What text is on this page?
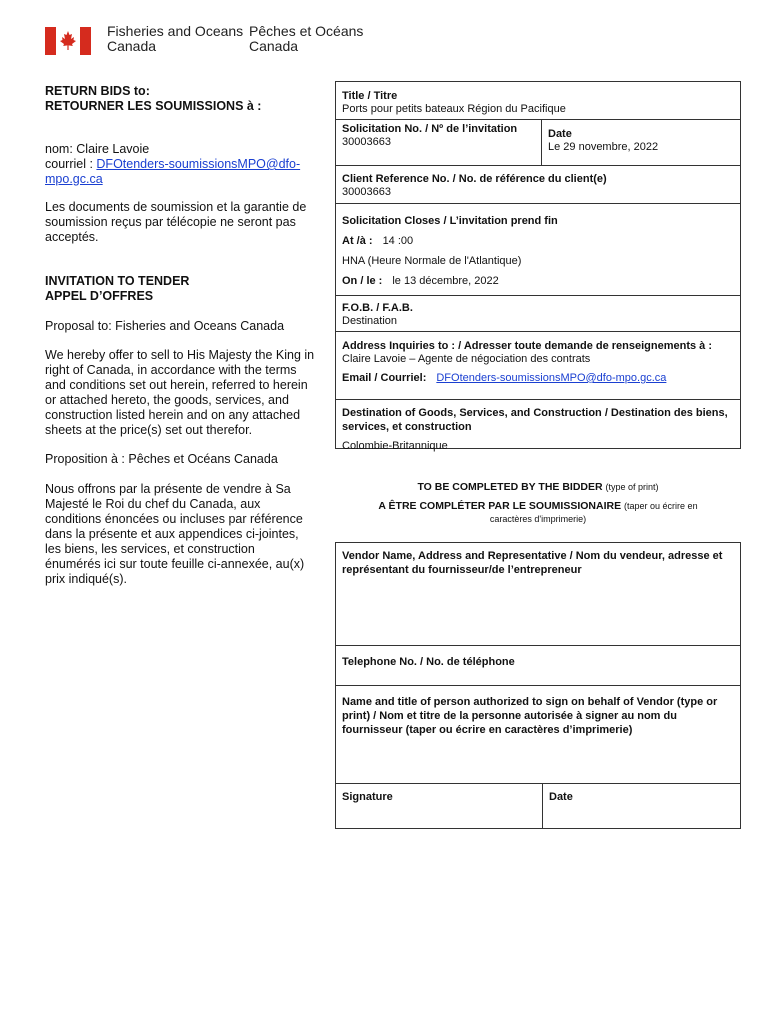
Fisheries and Oceans
Canada
Pêches et Océans
Canada
RETURN BIDS to:
RETOURNER LES SOUMISSIONS à :
nom: Claire Lavoie
courriel : DFOtenders-soumissionsMPO@dfo-
mpo.gc.ca
Les documents de soumission et la garantie de soumission reçus par télécopie ne seront pas acceptés.
INVITATION TO TENDER
APPEL D’OFFRES
Proposal to: Fisheries and Oceans Canada
We hereby offer to sell to His Majesty the King in right of Canada, in accordance with the terms and conditions set out herein, referred to herein or attached hereto, the goods, services, and construction listed herein and on any attached sheets at the price(s) set out therefor.
Proposition à : Pêches et Océans Canada
Nous offrons par la présente de vendre à Sa Majesté le Roi du chef du Canada, aux conditions énoncées ou incluses par référence dans la présente et aux appendices ci-jointes, les biens, les services, et construction énumérés ici sur toute feuille ci-annexée, au(x) prix indiqué(s).
Title / Titre
Ports pour petits bateaux Région du Pacifique
Solicitation No. / Nº de l’invitation
30003663
Date
Le 29 novembre, 2022
Client Reference No. / No. de référence du client(e)
30003663
Solicitation Closes / L’invitation prend fin
At /à : 14 :00
HNA (Heure Normale de l'Atlantique)
On / le : le 13 décembre, 2022
F.O.B. / F.A.B.
Destination
Address Inquiries to : / Adresser toute demande de renseignements à :
Claire Lavoie – Agente de négociation des contrats
Email / Courriel: DFOtenders-soumissionsMPO@dfo-mpo.gc.ca
Destination of Goods, Services, and Construction / Destination des biens, services, et construction
Colombie-Britannique
TO BE COMPLETED BY THE BIDDER (type of print)
A ÊTRE COMPLÉTER PAR LE SOUMISSIONAIRE (taper ou écrire en
caractères d'imprimerie)
Vendor Name, Address and Representative / Nom du vendeur, adresse et représentant du fournisseur/de l’entrepreneur
Telephone No. / No. de téléphone
Name and title of person authorized to sign on behalf of Vendor (type or print) / Nom et titre de la personne autorisée à signer au nom du fournisseur (taper ou écrire en caractères d’imprimerie)
Signature	Date
